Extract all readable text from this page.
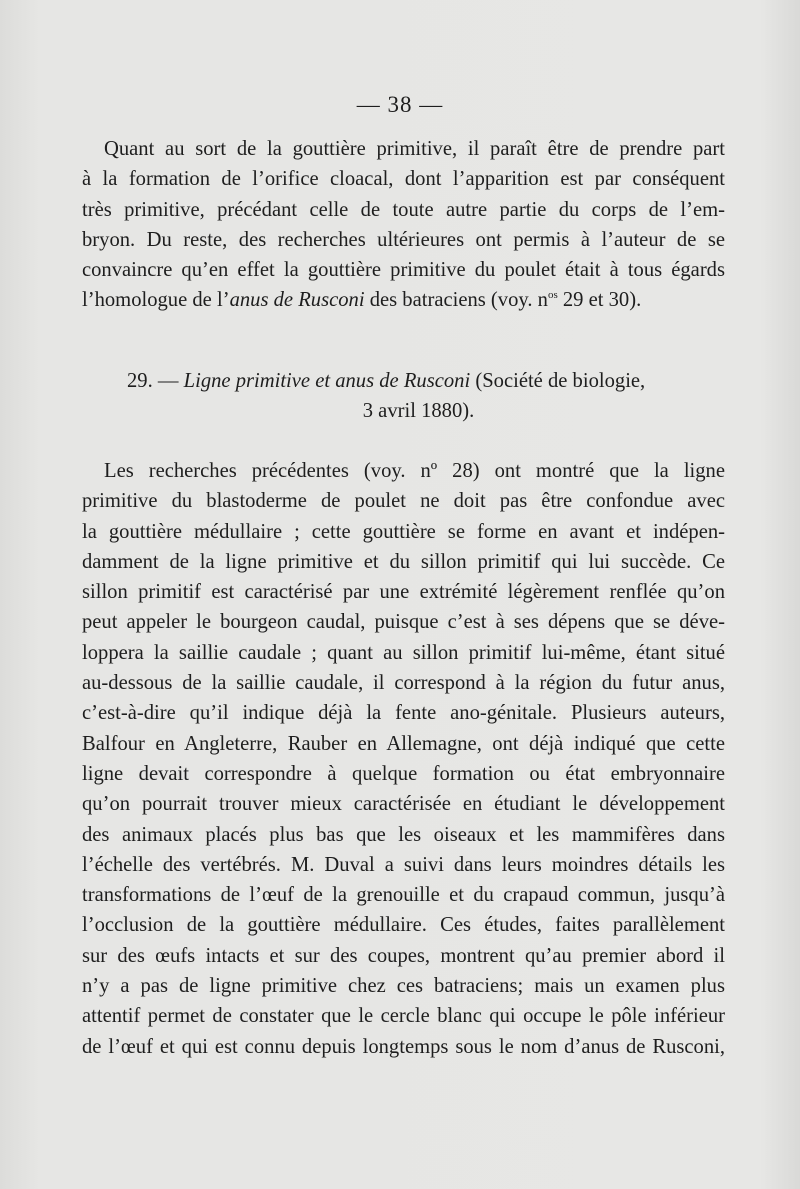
— 38 —
Quant au sort de la gouttière primitive, il paraît être de prendre part
à la formation de l’orifice cloacal, dont l’apparition est par conséquent
très primitive, précédant celle de toute autre partie du corps de l’em-
bryon. Du reste, des recherches ultérieures ont permis à l’auteur de se
convaincre qu’en effet la gouttière primitive du poulet était à tous égards
l’homologue de l’anus de Rusconi des batraciens (voy. $n^{os}$ 29 et 30).
29. — Ligne primitive et anus de Rusconi (Société de biologie,
3 avril 1880).
Les recherches précédentes (voy. nº 28) ont montré que la ligne
primitive du blastoderme de poulet ne doit pas être confondue avec
la gouttière médullaire ; cette gouttière se forme en avant et indépen-
damment de la ligne primitive et du sillon primitif qui lui succède. Ce
sillon primitif est caractérisé par une extrémité légèrement renflée qu’on
peut appeler le bourgeon caudal, puisque c’est à ses dépens que se déve-
loppera la saillie caudale ; quant au sillon primitif lui-même, étant situé
au-dessous de la saillie caudale, il correspond à la région du futur anus,
c’est-à-dire qu’il indique déjà la fente ano-génitale. Plusieurs auteurs,
Balfour en Angleterre, Rauber en Allemagne, ont déjà indiqué que cette
ligne devait correspondre à quelque formation ou état embryonnaire
qu’on pourrait trouver mieux caractérisée en étudiant le développement
des animaux placés plus bas que les oiseaux et les mammifères dans
l’échelle des vertébrés. M. Duval a suivi dans leurs moindres détails les
transformations de l’œuf de la grenouille et du crapaud commun, jusqu’à
l’occlusion de la gouttière médullaire. Ces études, faites parallèlement
sur des œufs intacts et sur des coupes, montrent qu’au premier abord il
n’y a pas de ligne primitive chez ces batraciens; mais un examen plus
attentif permet de constater que le cercle blanc qui occupe le pôle inférieur
de l’œuf et qui est connu depuis longtemps sous le nom d’anus de Rusconi,
